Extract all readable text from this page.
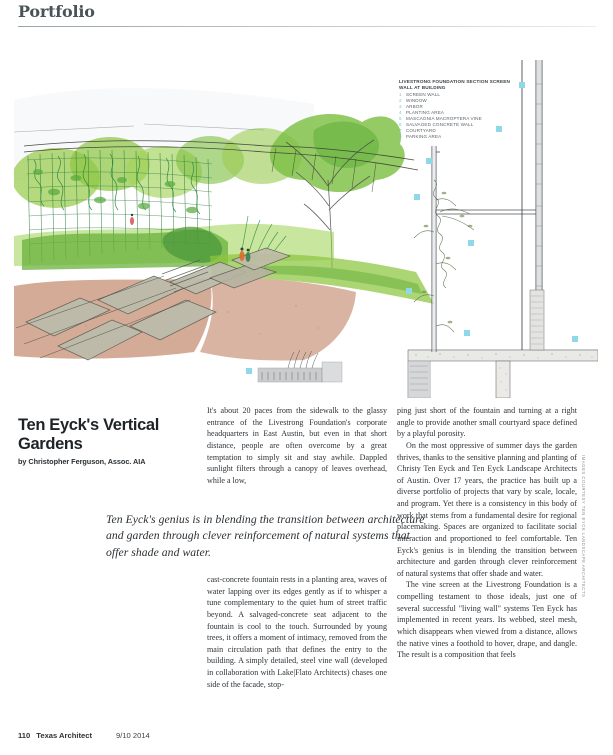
Portfolio
LIVESTRONG FOUNDATION SECTION SCREEN WALL AT BUILDING
1 SCREEN WALL
2 WINDOW
3 ARBOR
4 PLANTING AREA
5 MASCAGNIA MACROPTERA VINE
6 SALVAGED CONCRETE WALL
7 COURTYARD
8 PARKING AREA
Ten Eyck's Vertical Gardens
by Christopher Ferguson, Assoc. AIA
Ten Eyck's genius is in blending the transition between architecture and garden through clever reinforcement of natural systems that offer shade and water.

It's about 20 paces from the sidewalk to the glassy entrance of the Livestrong Foundation's corporate headquarters in East Austin, but even in that short distance, people are often overcome by a great temptation to simply sit and stay awhile. Dappled sunlight filters through a canopy of leaves overhead, while a low,

cast-concrete fountain rests in a planting area, waves of water lapping over its edges gently as if to whisper a tune complementary to the quiet hum of street traffic beyond. A salvaged-concrete seat adjacent to the fountain is cool to the touch. Surrounded by young trees, it offers a moment of intimacy, removed from the main circulation path that defines the entry to the building. A simply detailed, steel vine wall (developed in collaboration with Lake|Flato Architects) chases one side of the facade, stop-

ping just short of the fountain and turning at a right angle to provide another small courtyard space defined by a playful porosity.

On the most oppressive of summer days the garden thrives, thanks to the sensitive planning and planting of Christy Ten Eyck and Ten Eyck Landscape Architects of Austin. Over 17 years, the practice has built up a diverse portfolio of projects that vary by scale, locale, and program. Yet there is a consistency in this body of work that stems from a fundamental desire for regional placemaking. Spaces are organized to facilitate social interaction and proportioned to feel comfortable. Ten Eyck's genius is in blending the transition between architecture and garden through clever reinforcement of natural systems that offer shade and water.

The vine screen at the Livestrong Foundation is a compelling testament to those ideals, just one of several successful "living wall" systems Ten Eyck has implemented in recent years. Its webbed, steel mesh, which disappears when viewed from a distance, allows the native vines a foothold to hover, drape, and dangle. The result is a composition that feels

IMAGES COURTESY TEN EYCK LANDSCAPE ARCHITECTS
110 Texas Architect	9/10 2014
